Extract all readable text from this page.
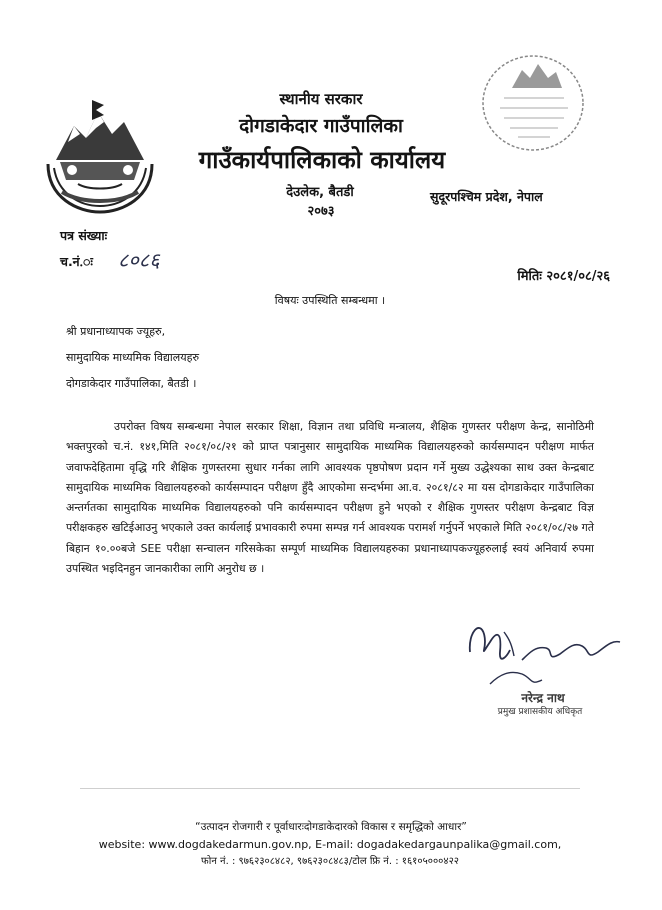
स्थानीय सरकार
दोगडाकेदार गाउँपालिका
गाउँकार्यपालिकाको कार्यालय
देउलेक, बैतडी
२०७३
सुदूरपश्चिम प्रदेश, नेपाल
पत्र संख्याः
च.नं.ः ८०८६
मितिः २०८१/०८/२६
विषयः उपस्थिति सम्बन्धमा ।
श्री प्रधानाध्यापक ज्यूहरु,
सामुदायिक माध्यमिक विद्यालयहरु
दोगडाकेदार गाउँपालिका, बैतडी ।
उपरोक्त विषय सम्बन्धमा नेपाल सरकार शिक्षा, विज्ञान तथा प्रविधि मन्त्रालय, शैक्षिक गुणस्तर परीक्षण केन्द्र, सानोठिमी भक्तपुरको च.नं. १४१,मिति २०८१/०८/२१ को प्राप्त पत्रानुसार सामुदायिक माध्यमिक विद्यालयहरुको कार्यसम्पादन परीक्षण मार्फत जवाफदेहितामा वृद्धि गरि शैक्षिक गुणस्तरमा सुधार गर्नका लागि आवश्यक पृष्ठपोषण प्रदान गर्ने मुख्य उद्धेश्यका साथ उक्त केन्द्रबाट सामुदायिक माध्यमिक विद्यालयहरुको कार्यसम्पादन परीक्षण हुँदै आएकोमा सन्दर्भमा आ.व. २०८१/८२ मा यस दोगडाकेदार गाउँपालिका अन्तर्गतका सामुदायिक माध्यमिक विद्यालयहरुको पनि कार्यसम्पादन परीक्षण हुने भएको र शैक्षिक गुणस्तर परीक्षण केन्द्रबाट विज्ञ परीक्षकहरु खटिईआउनु भएकाले उक्त कार्यलाई प्रभावकारी रुपमा सम्पन्न गर्न आवश्यक परामर्श गर्नुपर्ने भएकाले मिति २०८१/०८/२७ गते बिहान १०.००बजे SEE परीक्षा सन्चालन गरिसकेका सम्पूर्ण माध्यमिक विद्यालयहरुका प्रधानाध्यापकज्यूहरुलाई स्वयं अनिवार्य रुपमा उपस्थित भइदिनहुन जानकारीका लागि अनुरोध छ ।
नरेन्द्र नाथ
प्रमुख प्रशासकीय अधिकृत
“उत्पादन रोजगारी र पूर्वाधारःदोगडाकेदारको विकास र समृद्धिको आधार”
website: www.dogdakedarmun.gov.np, E-mail: dogadakedargaunpalika@gmail.com,
फोन नं. : ९७६२३०८४८२, ९७६२३०८४८३/टोल फ्रि नं. : १६१०५०००४२२
